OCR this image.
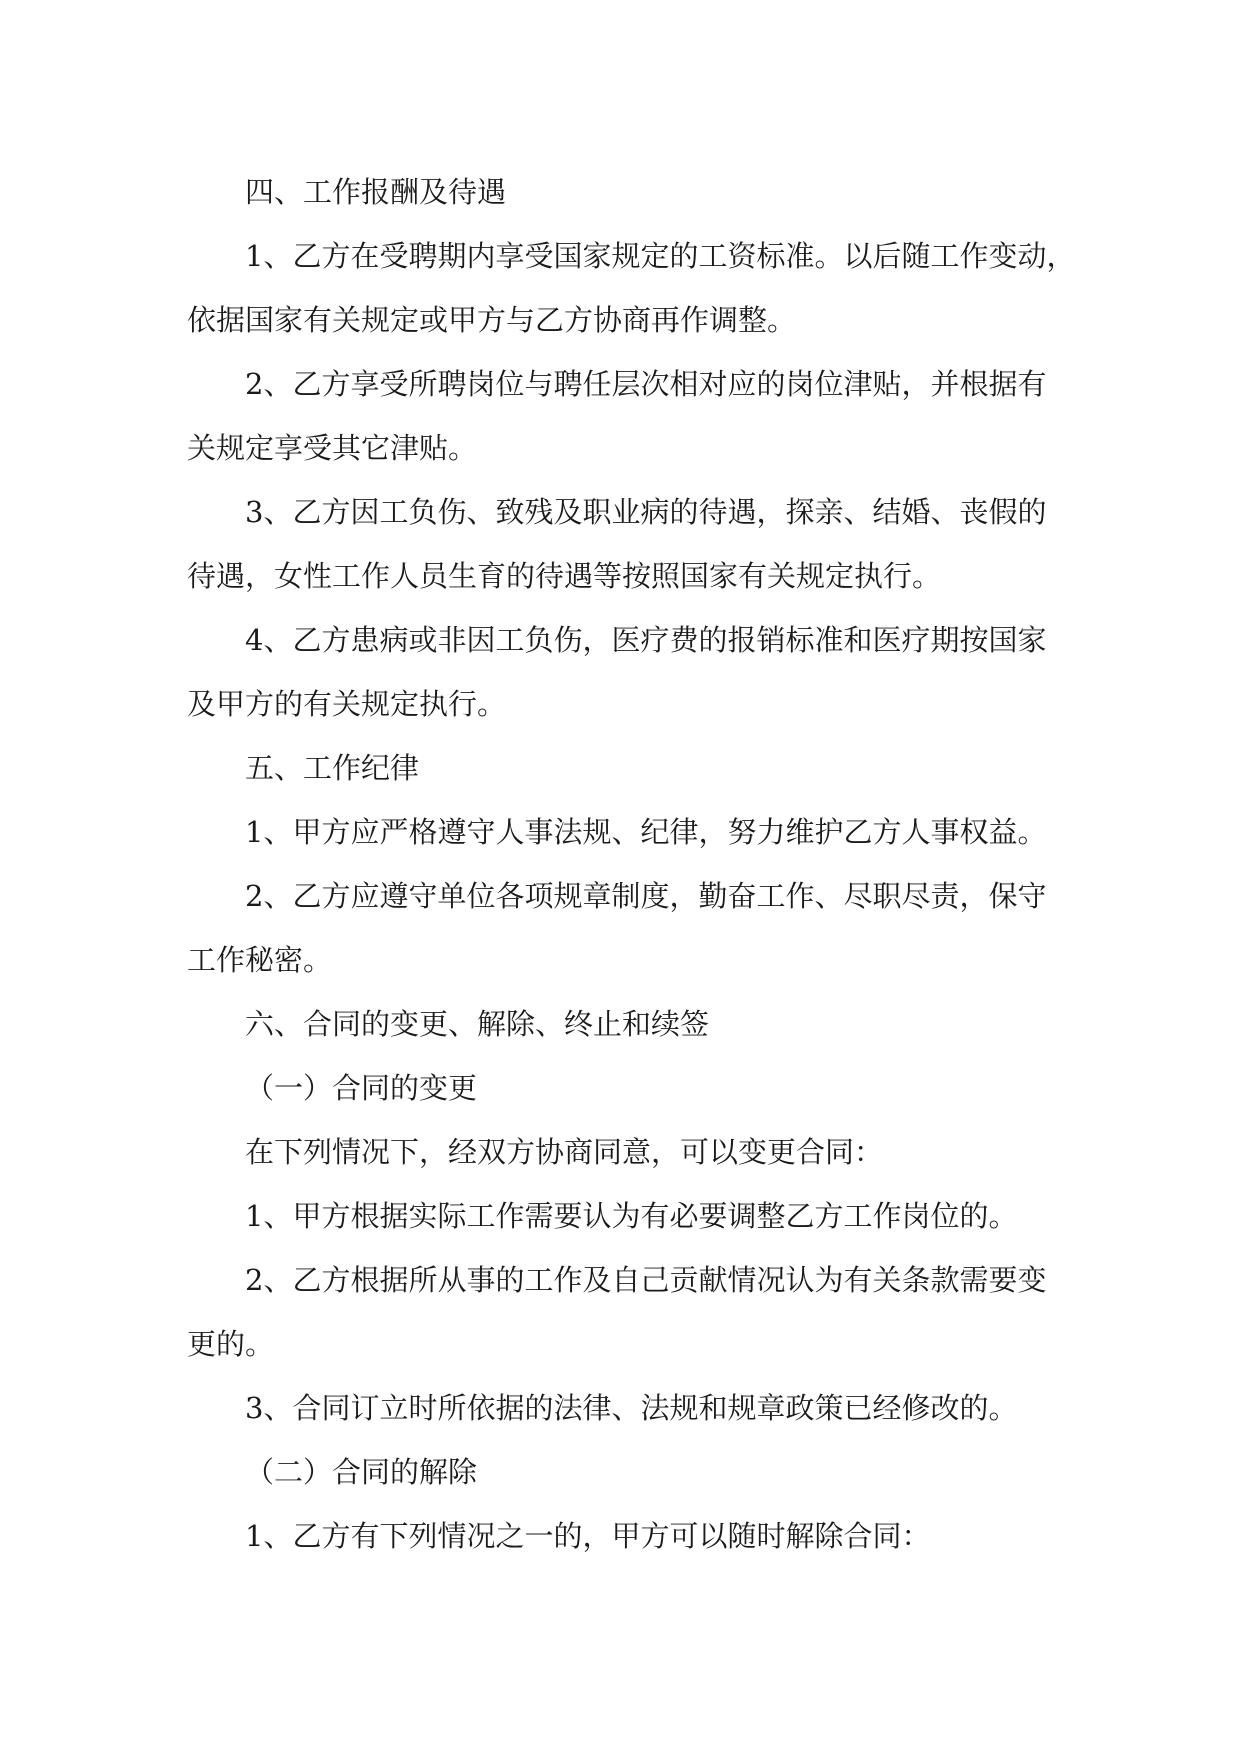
四、工作报酬及待遇

1、乙方在受聘期内享受国家规定的工资标准。以后随工作变动，
依据国家有关规定或甲方与乙方协商再作调整。

2、乙方享受所聘岗位与聘任层次相对应的岗位津贴，并根据有
关规定享受其它津贴。

3、乙方因工负伤、致残及职业病的待遇，探亲、结婚、丧假的
待遇，女性工作人员生育的待遇等按照国家有关规定执行。

4、乙方患病或非因工负伤，医疗费的报销标准和医疗期按国家
及甲方的有关规定执行。

五、工作纪律

1、甲方应严格遵守人事法规、纪律，努力维护乙方人事权益。

2、乙方应遵守单位各项规章制度，勤奋工作、尽职尽责，保守
工作秘密。

六、合同的变更、解除、终止和续签

（一）合同的变更

在下列情况下，经双方协商同意，可以变更合同：

1、甲方根据实际工作需要认为有必要调整乙方工作岗位的。

2、乙方根据所从事的工作及自己贡献情况认为有关条款需要变
更的。

3、合同订立时所依据的法律、法规和规章政策已经修改的。

（二）合同的解除

1、乙方有下列情况之一的，甲方可以随时解除合同：
